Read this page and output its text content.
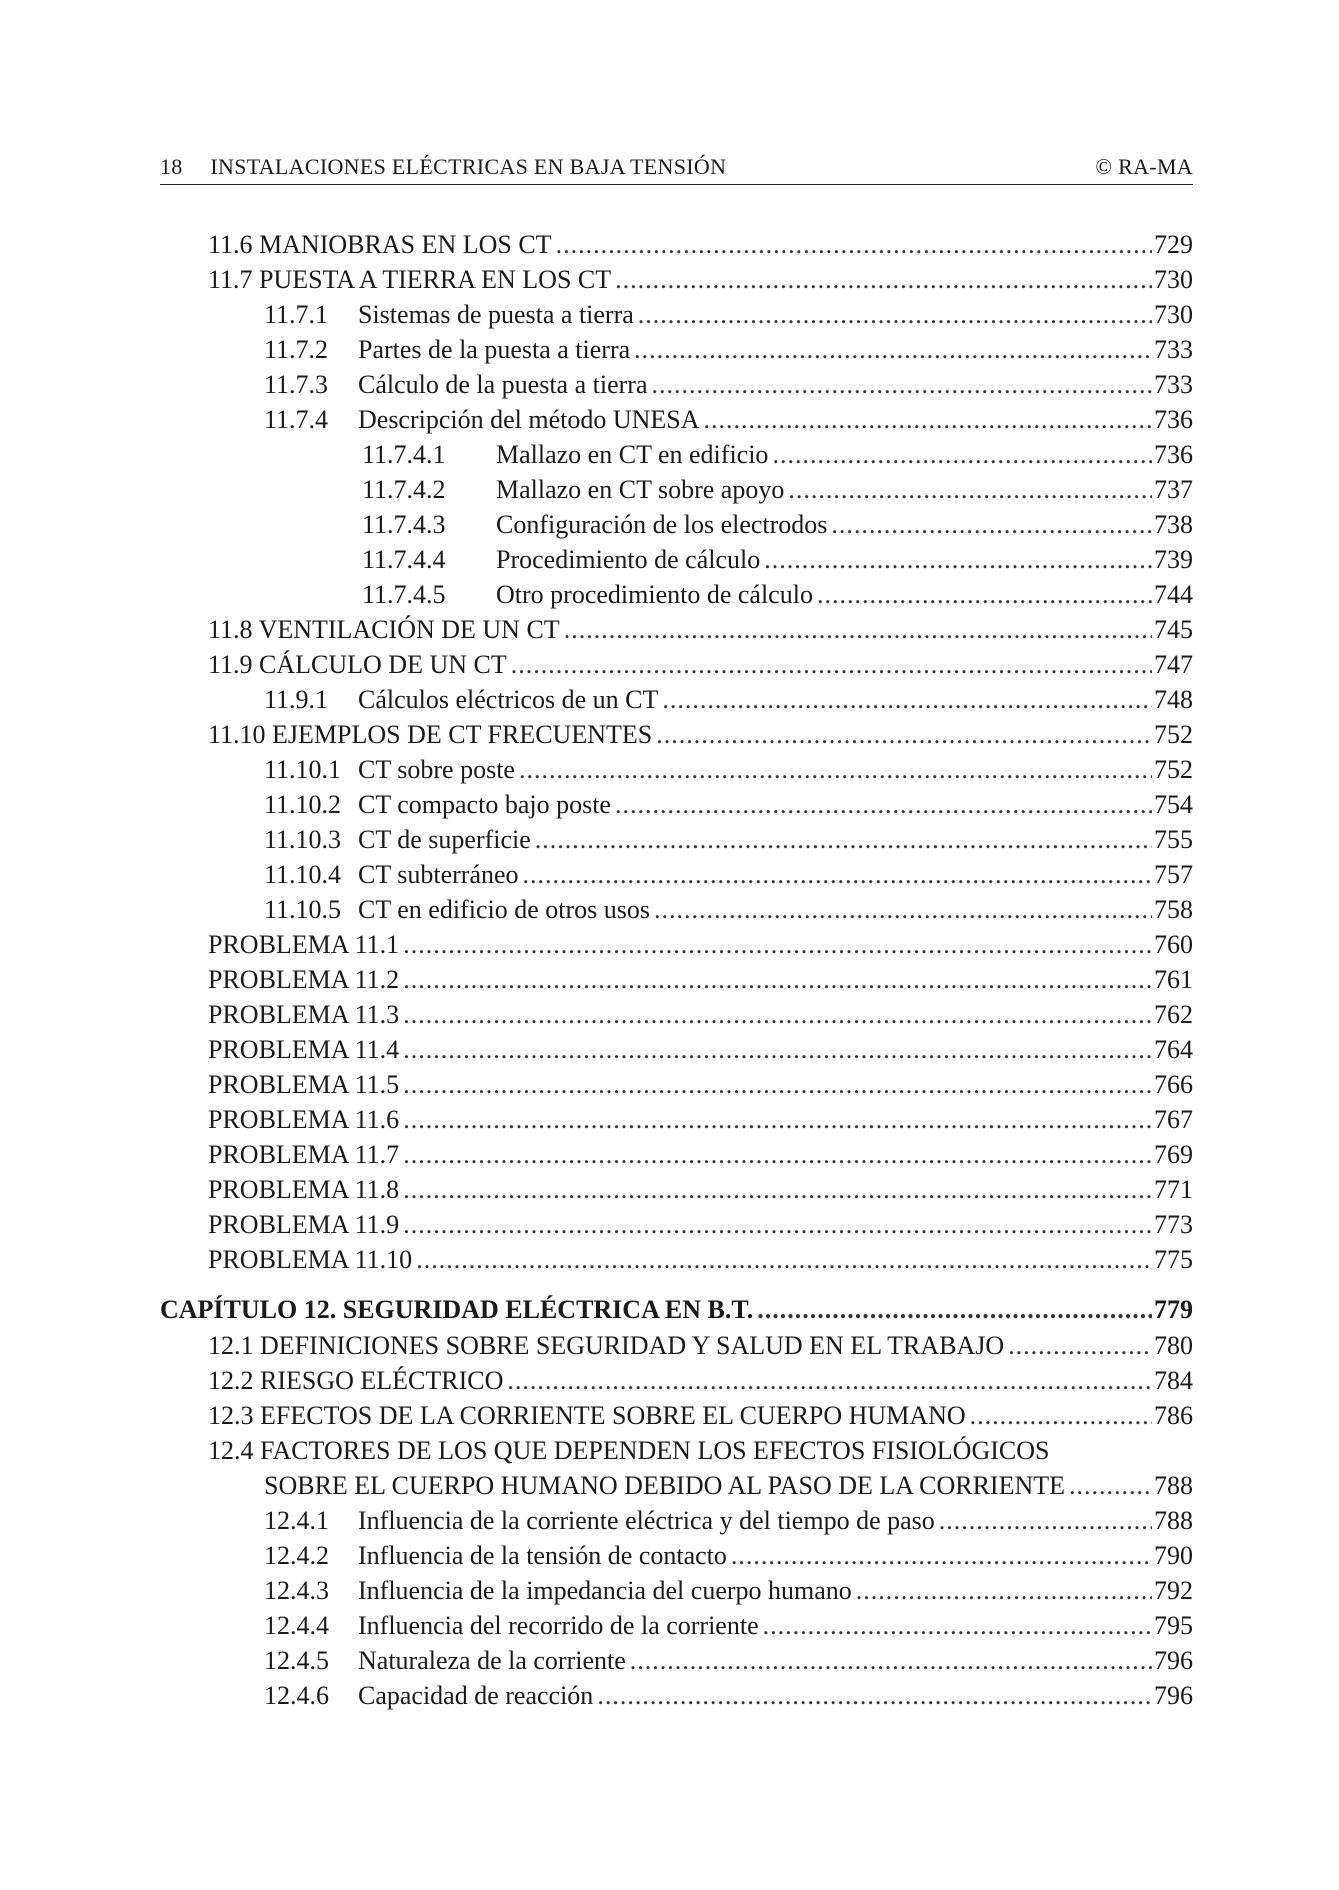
18 INSTALACIONES ELÉCTRICAS EN BAJA TENSIÓN	© RA-MA
11.6 MANIOBRAS EN LOS CT .....	729
11.7 PUESTA A TIERRA EN LOS CT .....	730
11.7.1	Sistemas de puesta a tierra .....	730
11.7.2	Partes de la puesta a tierra .....	733
11.7.3	Cálculo de la puesta a tierra .....	733
11.7.4	Descripción del método UNESA .....	736
11.7.4.1	Mallazo en CT en edificio .....	736
11.7.4.2	Mallazo en CT sobre apoyo .....	737
11.7.4.3	Configuración de los electrodos .....	738
11.7.4.4	Procedimiento de cálculo .....	739
11.7.4.5	Otro procedimiento de cálculo .....	744
11.8 VENTILACIÓN DE UN CT .....	745
11.9 CÁLCULO DE UN CT .....	747
11.9.1	Cálculos eléctricos de un CT .....	748
11.10 EJEMPLOS DE CT FRECUENTES .....	752
11.10.1 CT sobre poste .....	752
11.10.2 CT compacto bajo poste .....	754
11.10.3 CT de superficie .....	755
11.10.4 CT subterráneo .....	757
11.10.5 CT en edificio de otros usos .....	758
PROBLEMA 11.1 .....	760
PROBLEMA 11.2 .....	761
PROBLEMA 11.3 .....	762
PROBLEMA 11.4 .....	764
PROBLEMA 11.5 .....	766
PROBLEMA 11.6 .....	767
PROBLEMA 11.7 .....	769
PROBLEMA 11.8 .....	771
PROBLEMA 11.9 .....	773
PROBLEMA 11.10 .....	775
CAPÍTULO 12. SEGURIDAD ELÉCTRICA EN B.T. .....	779
12.1 DEFINICIONES SOBRE SEGURIDAD Y SALUD EN EL TRABAJO .....	780
12.2 RIESGO ELÉCTRICO .....	784
12.3 EFECTOS DE LA CORRIENTE SOBRE EL CUERPO HUMANO .....	786
12.4 FACTORES DE LOS QUE DEPENDEN LOS EFECTOS FISIOLÓGICOS
SOBRE EL CUERPO HUMANO DEBIDO AL PASO DE LA CORRIENTE .....	788
12.4.1	Influencia de la corriente eléctrica y del tiempo de paso .....	788
12.4.2	Influencia de la tensión de contacto .....	790
12.4.3	Influencia de la impedancia del cuerpo humano .....	792
12.4.4	Influencia del recorrido de la corriente .....	795
12.4.5	Naturaleza de la corriente .....	796
12.4.6	Capacidad de reacción .....	796
